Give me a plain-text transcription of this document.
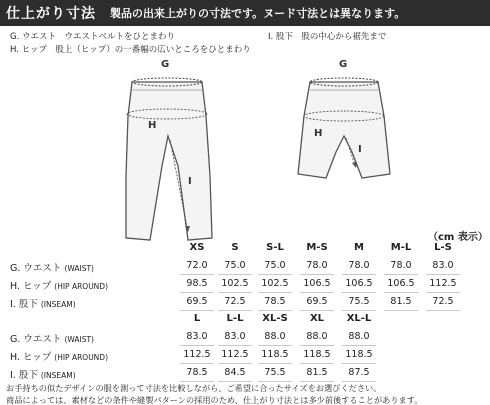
仕上がり寸法 製品の出来上がりの寸法です。ヌード寸法とは異なります。
G. ウエスト　ウエストベルトをひとまわり
H. ヒップ　股上（ヒップ）の一番幅の広いところをひとまわり
I. 股下　股の中心から裾先まで
G
H
I
G
H
I
（cm 表示）
XS	S	S-L	M-S	M	M-L	L-S
G. ウエスト (WAIST)	72.0	75.0	75.0	78.0	78.0	78.0	83.0
H. ヒップ (HIP AROUND)	98.5	102.5	102.5	106.5	106.5	106.5	112.5
I. 股下 (INSEAM)	69.5	72.5	78.5	69.5	75.5	81.5	72.5
L	L-L	XL-S	XL	XL-L
G. ウエスト (WAIST)	83.0	83.0	88.0	88.0	88.0
H. ヒップ (HIP AROUND)	112.5	112.5	118.5	118.5	118.5
I. 股下 (INSEAM)	78.5	84.5	75.5	81.5	87.5
お手持ちの似たデザインの服を測って寸法を比較しながら、ご希望に合ったサイズをお選びください。
商品によっては、素材などの条件や縫製パターンの採用のため、仕上がり寸法とは多少前後することがあります。
